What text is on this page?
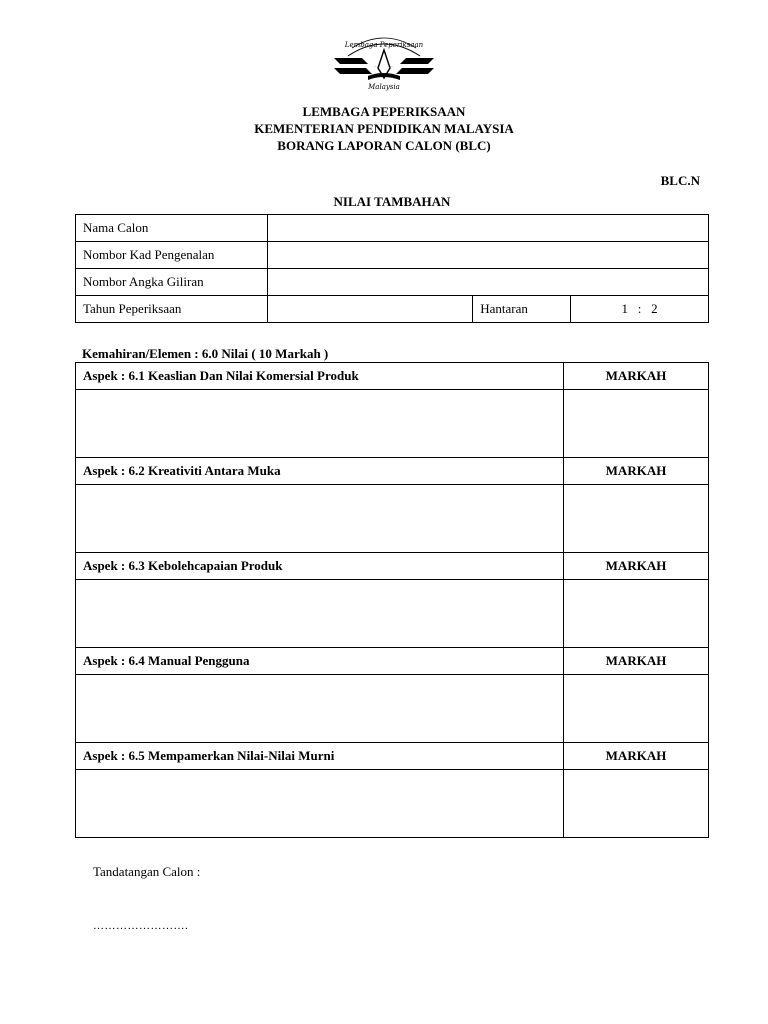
Lembaga Peperiksaan
···	···
Malaysia
LEMBAGA PEPERIKSAAN
KEMENTERIAN PENDIDIKAN MALAYSIA
BORANG LAPORAN CALON (BLC)
BLC.N
NILAI TAMBAHAN
Nama Calon			
Nombor Kad Pengenalan			
Nombor Angka Giliran			
Tahun Peperiksaan		Hantaran	1   :   2
Kemahiran/Elemen : 6.0 Nilai ( 10 Markah )
Aspek : 6.1 Keaslian Dan Nilai Komersial Produk	MARKAH

Aspek : 6.2 Kreativiti Antara Muka	MARKAH

Aspek : 6.3 Kebolehcapaian Produk	MARKAH

Aspek : 6.4 Manual Pengguna	MARKAH

Aspek : 6.5 Mempamerkan Nilai-Nilai Murni	MARKAH

Tandatangan Calon :
…………………….
